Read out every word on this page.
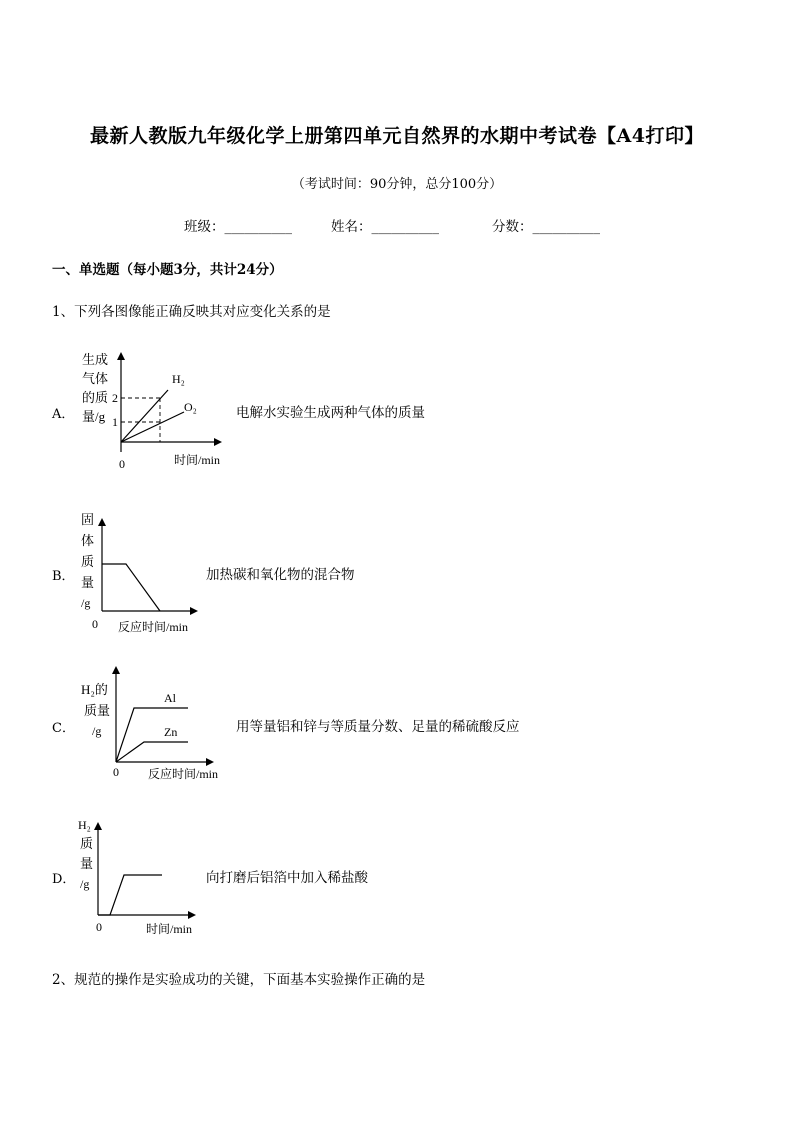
最新人教版九年级化学上册第四单元自然界的水期中考试卷【A4打印】
（考试时间：90分钟，总分100分）
班级：__________	姓名：__________	分数：__________
一、单选题（每小题3分，共计24分）
1、下列各图像能正确反映其对应变化关系的是
A．
生成
气体
的质
量/g
2
1
H₂
O₂
0	时间/min
电解水实验生成两种气体的质量
B．
固
体
质
量
/g
0 反应时间/min
加热碳和氧化物的混合物
C．
H₂的
质量
/g
Al
Zn
0 反应时间/min
用等量铝和锌与等质量分数、足量的稀硫酸反应
D．
H₂
质
量
/g
0	时间/min
向打磨后铝箔中加入稀盐酸
2、规范的操作是实验成功的关键，下面基本实验操作正确的是
